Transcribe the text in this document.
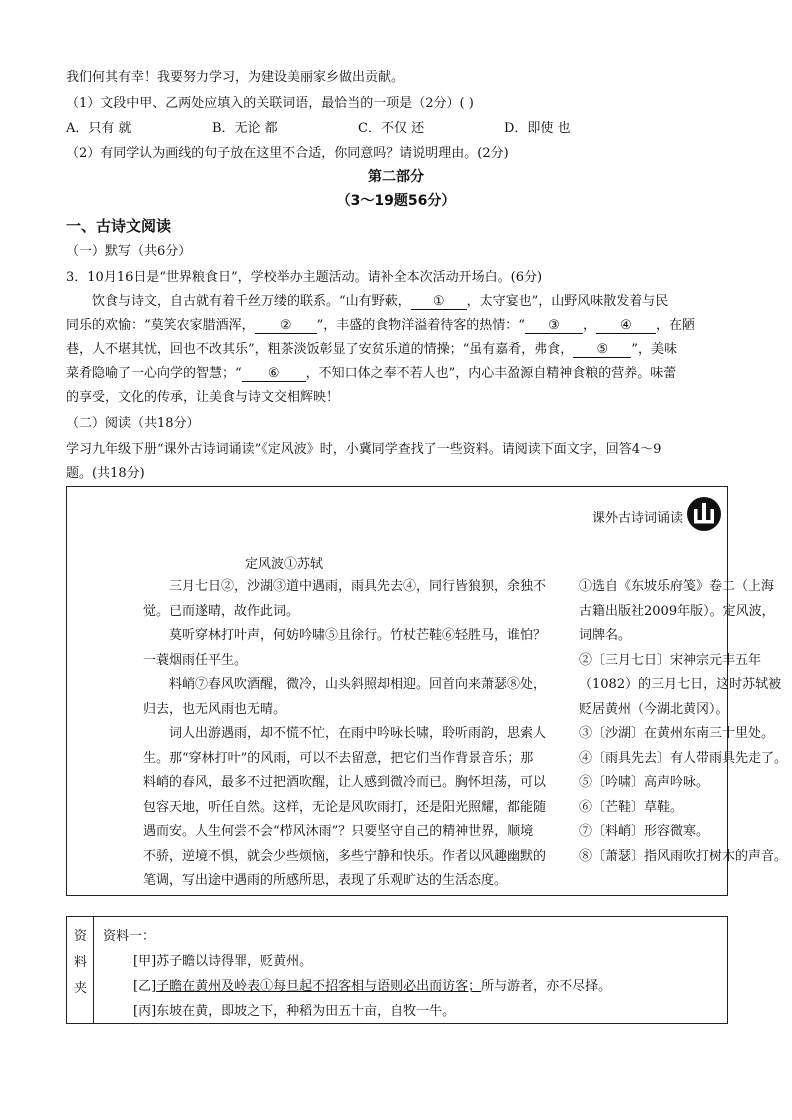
我们何其有幸！我要努力学习，为建设美丽家乡做出贡献。
（1）文段中甲、乙两处应填入的关联词语，最恰当的一项是（2分）( )
A．只有 就	B．无论 都	C．不仅 还	D．即使 也
（2）有同学认为画线的句子放在这里不合适，你同意吗？请说明理由。(2分)
第二部分
（3～19题56分）
一、古诗文阅读
（一）默写（共6分）
3．10月16日是“世界粮食日”，学校举办主题活动。请补全本次活动开场白。(6分)
饮食与诗文，自古就有着千丝万缕的联系。“山有野蔌， ① ，太守宴也”，山野风味散发着与民
同乐的欢愉：“莫笑农家腊酒浑， ② ”，丰盛的食物洋溢着待客的热情：“ ③ ， ④ ，在陋
巷，人不堪其忧，回也不改其乐”，粗茶淡饭彰显了安贫乐道的情操；“虽有嘉肴，弗食， ⑤ ”，美味
菜肴隐喻了一心向学的智慧；“ ⑥ ，不知口体之奉不若人也”，内心丰盈源自精神食粮的营养。味蕾
的享受，文化的传承，让美食与诗文交相辉映！
（二）阅读（共18分）
学习九年级下册“课外古诗词诵读”《定风波》时，小冀同学查找了一些资料。请阅读下面文字，回答4～9
题。(共18分)
课外古诗词诵读
定风波①苏轼
三月七日②，沙湖③道中遇雨，雨具先去④，同行皆狼狈，余独不
觉。已而遂晴，故作此词。
莫听穿林打叶声，何妨吟啸⑤且徐行。竹杖芒鞋⑥轻胜马，谁怕？
一蓑烟雨任平生。
料峭⑦春风吹酒醒，微冷，山头斜照却相迎。回首向来萧瑟⑧处，
归去，也无风雨也无晴。
词人出游遇雨，却不慌不忙，在雨中吟咏长啸，聆听雨韵，思索人
生。那“穿林打叶”的风雨，可以不去留意，把它们当作背景音乐；那
料峭的春风，最多不过把酒吹醒，让人感到微冷而已。胸怀坦荡，可以
包容天地，听任自然。这样，无论是风吹雨打，还是阳光照耀，都能随
遇而安。人生何尝不会“栉风沐雨”？只要坚守自己的精神世界，顺境
不骄，逆境不惧，就会少些烦恼，多些宁静和快乐。作者以风趣幽默的
笔调，写出途中遇雨的所感所思，表现了乐观旷达的生活态度。
①选自《东坡乐府笺》卷二（上海
古籍出版社2009年版）。定风波，
词牌名。
②〔三月七日〕宋神宗元丰五年
（1082）的三月七日，这时苏轼被
贬居黄州（今湖北黄冈）。
③〔沙湖〕在黄州东南三十里处。
④〔雨具先去〕有人带雨具先走了。
⑤〔吟啸〕高声吟咏。
⑥〔芒鞋〕草鞋。
⑦〔料峭〕形容微寒。
⑧〔萧瑟〕指风雨吹打树木的声音。
资
料
夹
资料一：
[甲]苏子瞻以诗得罪，贬黄州。
[乙]子瞻在黄州及岭表①每旦起不招客相与语则必出而访客；所与游者，亦不尽择。
[丙]东坡在黄，即坡之下，种稻为田五十亩，自牧一牛。
